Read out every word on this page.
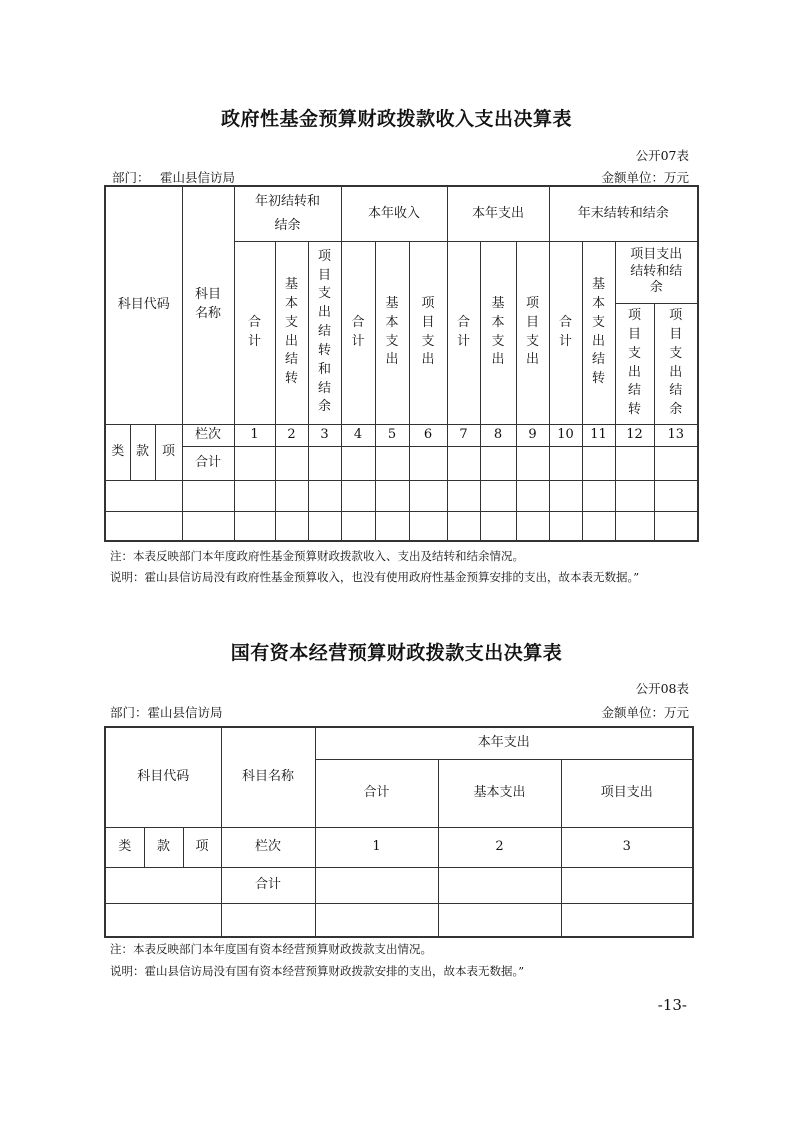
政府性基金预算财政拨款收入支出决算表
公开07表
部门： 霍山县信访局	金额单位：万元
科目代码			科目名称	年初结转和结余			本年收入			本年支出			年末结转和结余			
				合计	基本支出结转	项目支出结转和结余	合计	基本支出	项目支出	合计	基本支出	项目支出	合计	基本支出结转	项目支出结转和结余	
															项目支出结转	项目支出结余
类	款	项	栏次	1	2	3	4	5	6	7	8	9	10	11	12	13
			合计													

注：本表反映部门本年度政府性基金预算财政拨款收入、支出及结转和结余情况。
说明：霍山县信访局没有政府性基金预算收入，也没有使用政府性基金预算安排的支出，故本表无数据。”
国有资本经营预算财政拨款支出决算表
公开08表
部门：霍山县信访局	金额单位：万元
科目代码			科目名称	本年支出		
				合计	基本支出	项目支出
类	款	项	栏次	1	2	3
			合计			

注：本表反映部门本年度国有资本经营预算财政拨款支出情况。
说明：霍山县信访局没有国有资本经营预算财政拨款安排的支出，故本表无数据。”
-13-
